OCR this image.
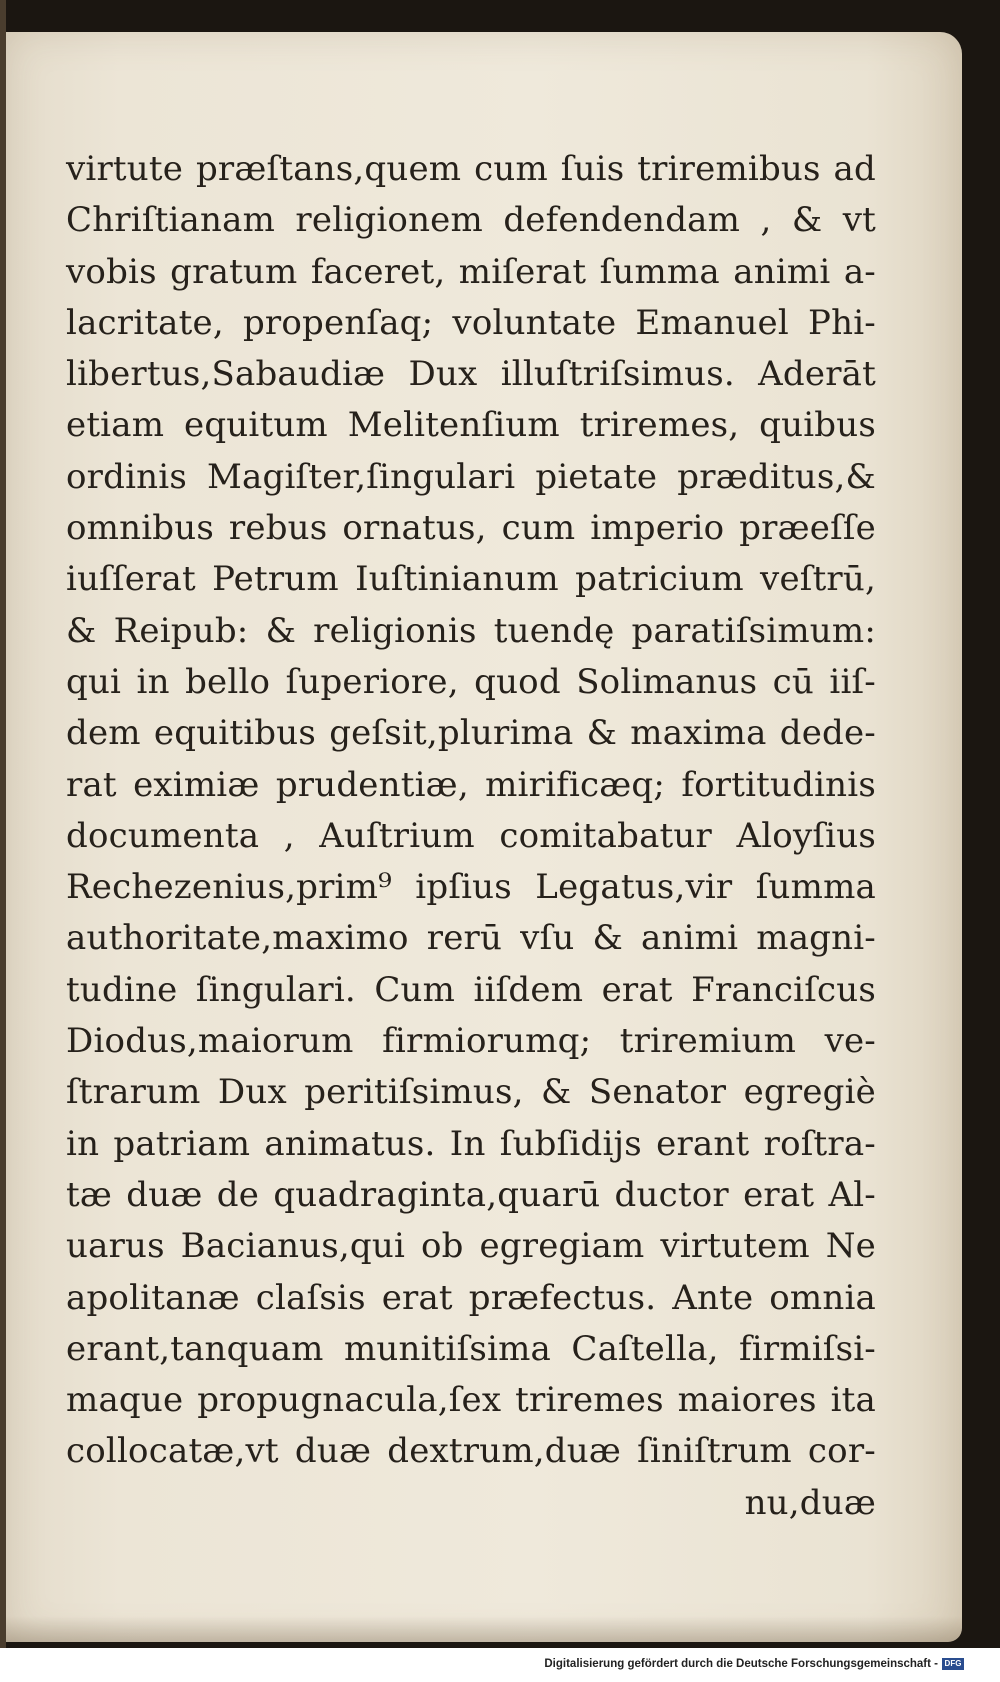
virtute præſtans,quem cum ſuis triremibus ad
Chriſtianam religionem defendendam , & vt
vobis gratum faceret, miſerat ſumma animi a-
lacritate, propenſaq; voluntate Emanuel Phi-
libertus,Sabaudiæ Dux illuſtriſsimus. Aderāt
etiam equitum Melitenſium triremes, quibus
ordinis Magiſter,ſingulari pietate præditus,&
omnibus rebus ornatus, cum imperio præeſſe
iuſſerat Petrum Iuſtinianum patricium veſtrū,
& Reipub: & religionis tuendę paratiſsimum:
qui in bello ſuperiore, quod Solimanus cū iiſ-
dem equitibus geſsit,plurima & maxima dede-
rat eximiæ prudentiæ, mirificæq; fortitudinis
documenta , Auſtrium comitabatur Aloyſius
Rechezenius,prim⁹ ipſius Legatus,vir ſumma
authoritate,maximo rerū vſu & animi magni-
tudine ſingulari. Cum iiſdem erat Franciſcus
Diodus,maiorum firmiorumq; triremium ve-
ſtrarum Dux peritiſsimus, & Senator egregiè
in patriam animatus. In ſubſidijs erant roſtra-
tæ duæ de quadraginta,quarū ductor erat Al-
uarus Bacianus,qui ob egregiam virtutem Ne
apolitanæ claſsis erat præfectus. Ante omnia
erant,tanquam munitiſsima Caſtella, firmiſsi-
maque propugnacula,ſex triremes maiores ita
collocatæ,vt duæ dextrum,duæ ſiniſtrum cor-
nu,duæ
Digitalisierung gefördert durch die Deutsche Forschungsgemeinschaft - DFG
